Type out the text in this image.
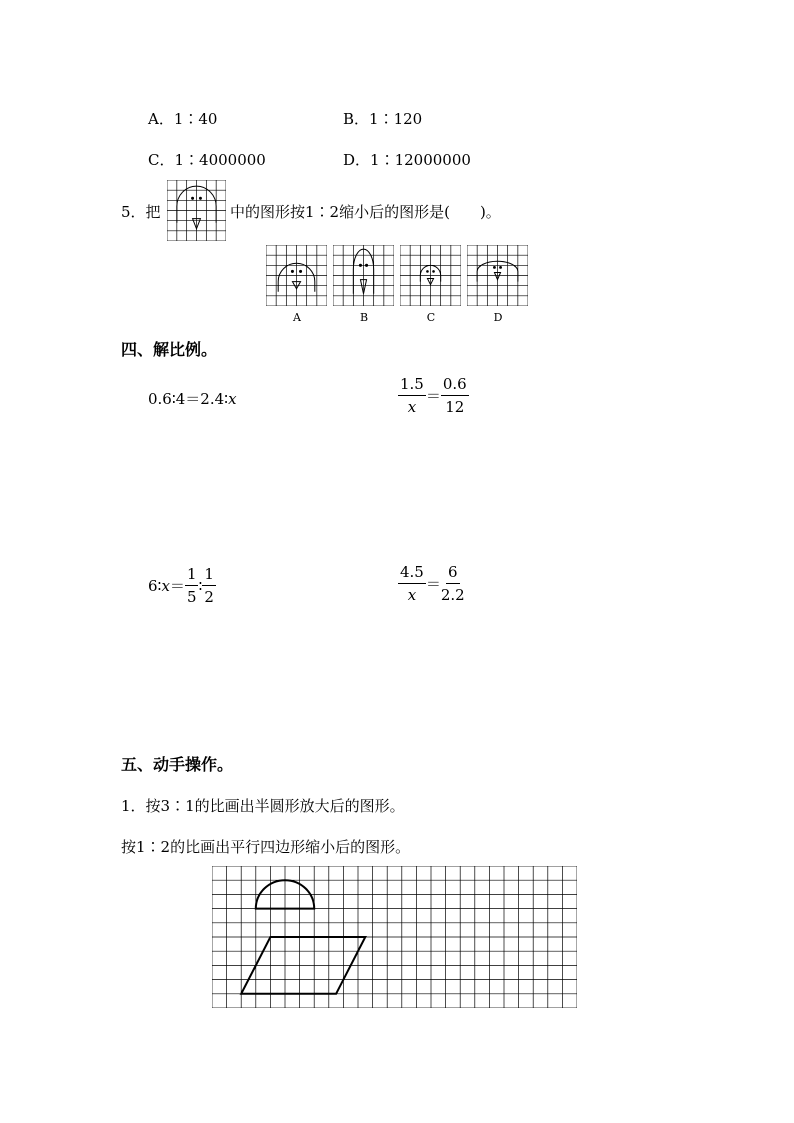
A．1∶40	B．1∶120
C．1∶4000000	D．1∶12000000
5．把	中的图形按1∶2缩小后的图形是(　　)。
A	B	C	D
四、解比例。
0.6∶4＝2.4∶x	$\frac{1.5}{x} = \frac{0.6}{12}$
6∶ $x = \frac{1}{5}$ ∶ $\frac{1}{2}$	$\frac{4.5}{x} = \frac{6}{2.2}$
五、动手操作。
1．按3∶1的比画出半圆形放大后的图形。
按1∶2的比画出平行四边形缩小后的图形。
